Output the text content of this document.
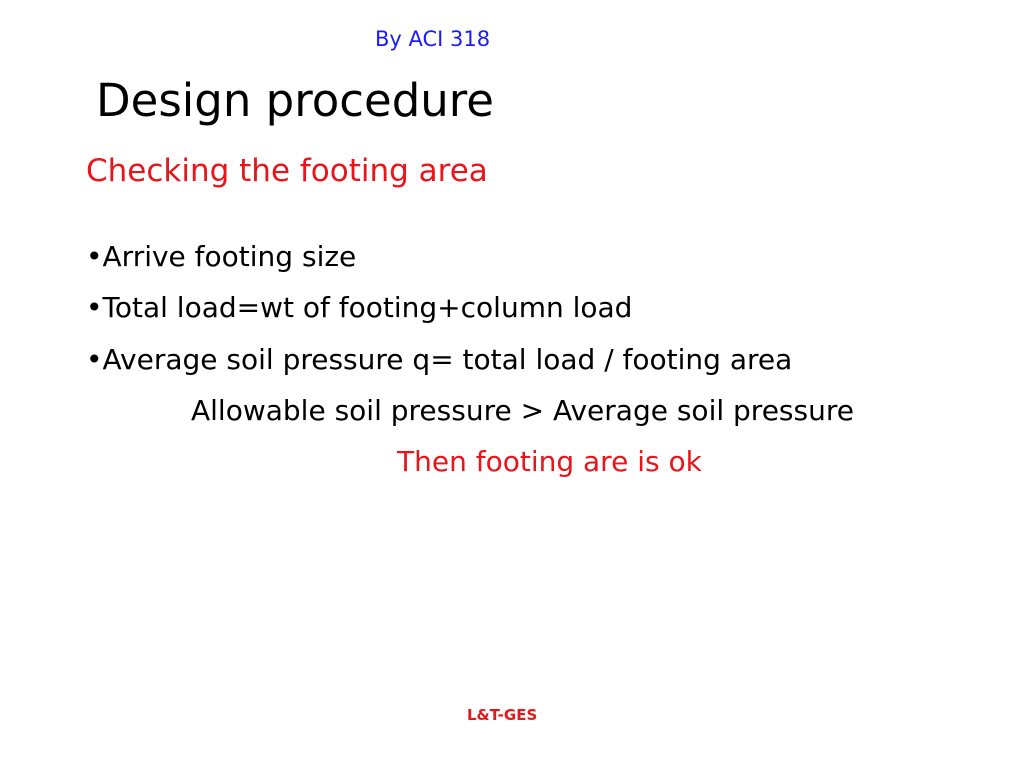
By ACI 318
Design procedure
Checking the footing area
•Arrive footing size
•Total load=wt of footing+column load
•Average soil pressure q= total load / footing area
Allowable soil pressure > Average soil pressure
Then footing are is ok
L&T-GES
